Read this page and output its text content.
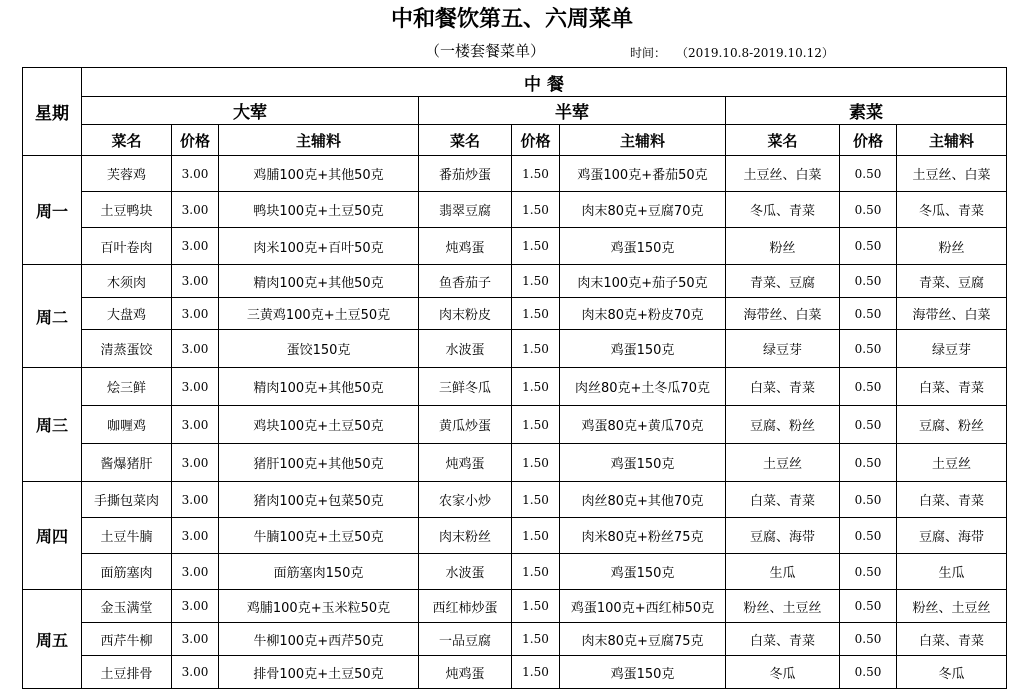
中和餐饮第五、六周菜单
（一楼套餐菜单）	时间： （2019.10.8-2019.10.12）
星期	中 餐								
	大荤			半荤			素菜		
	菜名	价格	主辅料	菜名	价格	主辅料	菜名	价格	主辅料
周一	芙蓉鸡	3.00	鸡脯100克+其他50克	番茄炒蛋	1.50	鸡蛋100克+番茄50克	土豆丝、白菜	0.50	土豆丝、白菜
	土豆鸭块	3.00	鸭块100克+土豆50克	翡翠豆腐	1.50	肉末80克+豆腐70克	冬瓜、青菜	0.50	冬瓜、青菜
	百叶卷肉	3.00	肉米100克+百叶50克	炖鸡蛋	1.50	鸡蛋150克	粉丝	0.50	粉丝
周二	木须肉	3.00	精肉100克+其他50克	鱼香茄子	1.50	肉末100克+茄子50克	青菜、豆腐	0.50	青菜、豆腐
	大盘鸡	3.00	三黄鸡100克+土豆50克	肉末粉皮	1.50	肉末80克+粉皮70克	海带丝、白菜	0.50	海带丝、白菜
	清蒸蛋饺	3.00	蛋饺150克	水波蛋	1.50	鸡蛋150克	绿豆芽	0.50	绿豆芽
周三	烩三鲜	3.00	精肉100克+其他50克	三鲜冬瓜	1.50	肉丝80克+土冬瓜70克	白菜、青菜	0.50	白菜、青菜
	咖喱鸡	3.00	鸡块100克+土豆50克	黄瓜炒蛋	1.50	鸡蛋80克+黄瓜70克	豆腐、粉丝	0.50	豆腐、粉丝
	酱爆猪肝	3.00	猪肝100克+其他50克	炖鸡蛋	1.50	鸡蛋150克	土豆丝	0.50	土豆丝
周四	手撕包菜肉	3.00	猪肉100克+包菜50克	农家小炒	1.50	肉丝80克+其他70克	白菜、青菜	0.50	白菜、青菜
	土豆牛腩	3.00	牛腩100克+土豆50克	肉末粉丝	1.50	肉米80克+粉丝75克	豆腐、海带	0.50	豆腐、海带
	面筋塞肉	3.00	面筋塞肉150克	水波蛋	1.50	鸡蛋150克	生瓜	0.50	生瓜
周五	金玉满堂	3.00	鸡脯100克+玉米粒50克	西红柿炒蛋	1.50	鸡蛋100克+西红柿50克	粉丝、土豆丝	0.50	粉丝、土豆丝
	西芹牛柳	3.00	牛柳100克+西芹50克	一品豆腐	1.50	肉末80克+豆腐75克	白菜、青菜	0.50	白菜、青菜
	土豆排骨	3.00	排骨100克+土豆50克	炖鸡蛋	1.50	鸡蛋150克	冬瓜	0.50	冬瓜
